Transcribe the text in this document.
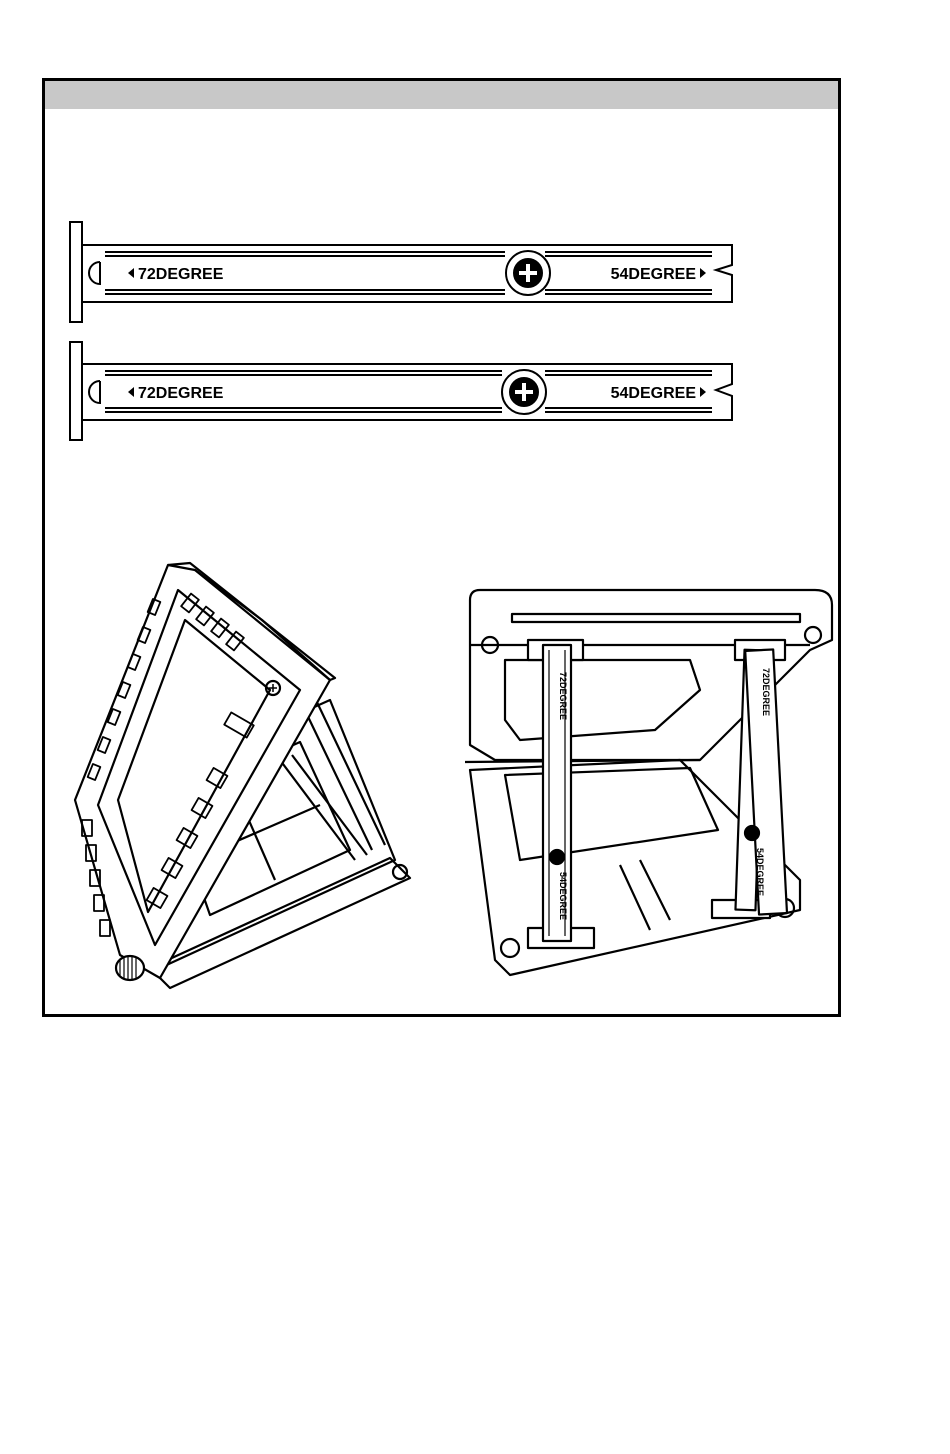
72DEGREE	54DEGREE
72DEGREE	54DEGREE
72DEGREE
54DEGREE
72DEGREE
54DEGREE
